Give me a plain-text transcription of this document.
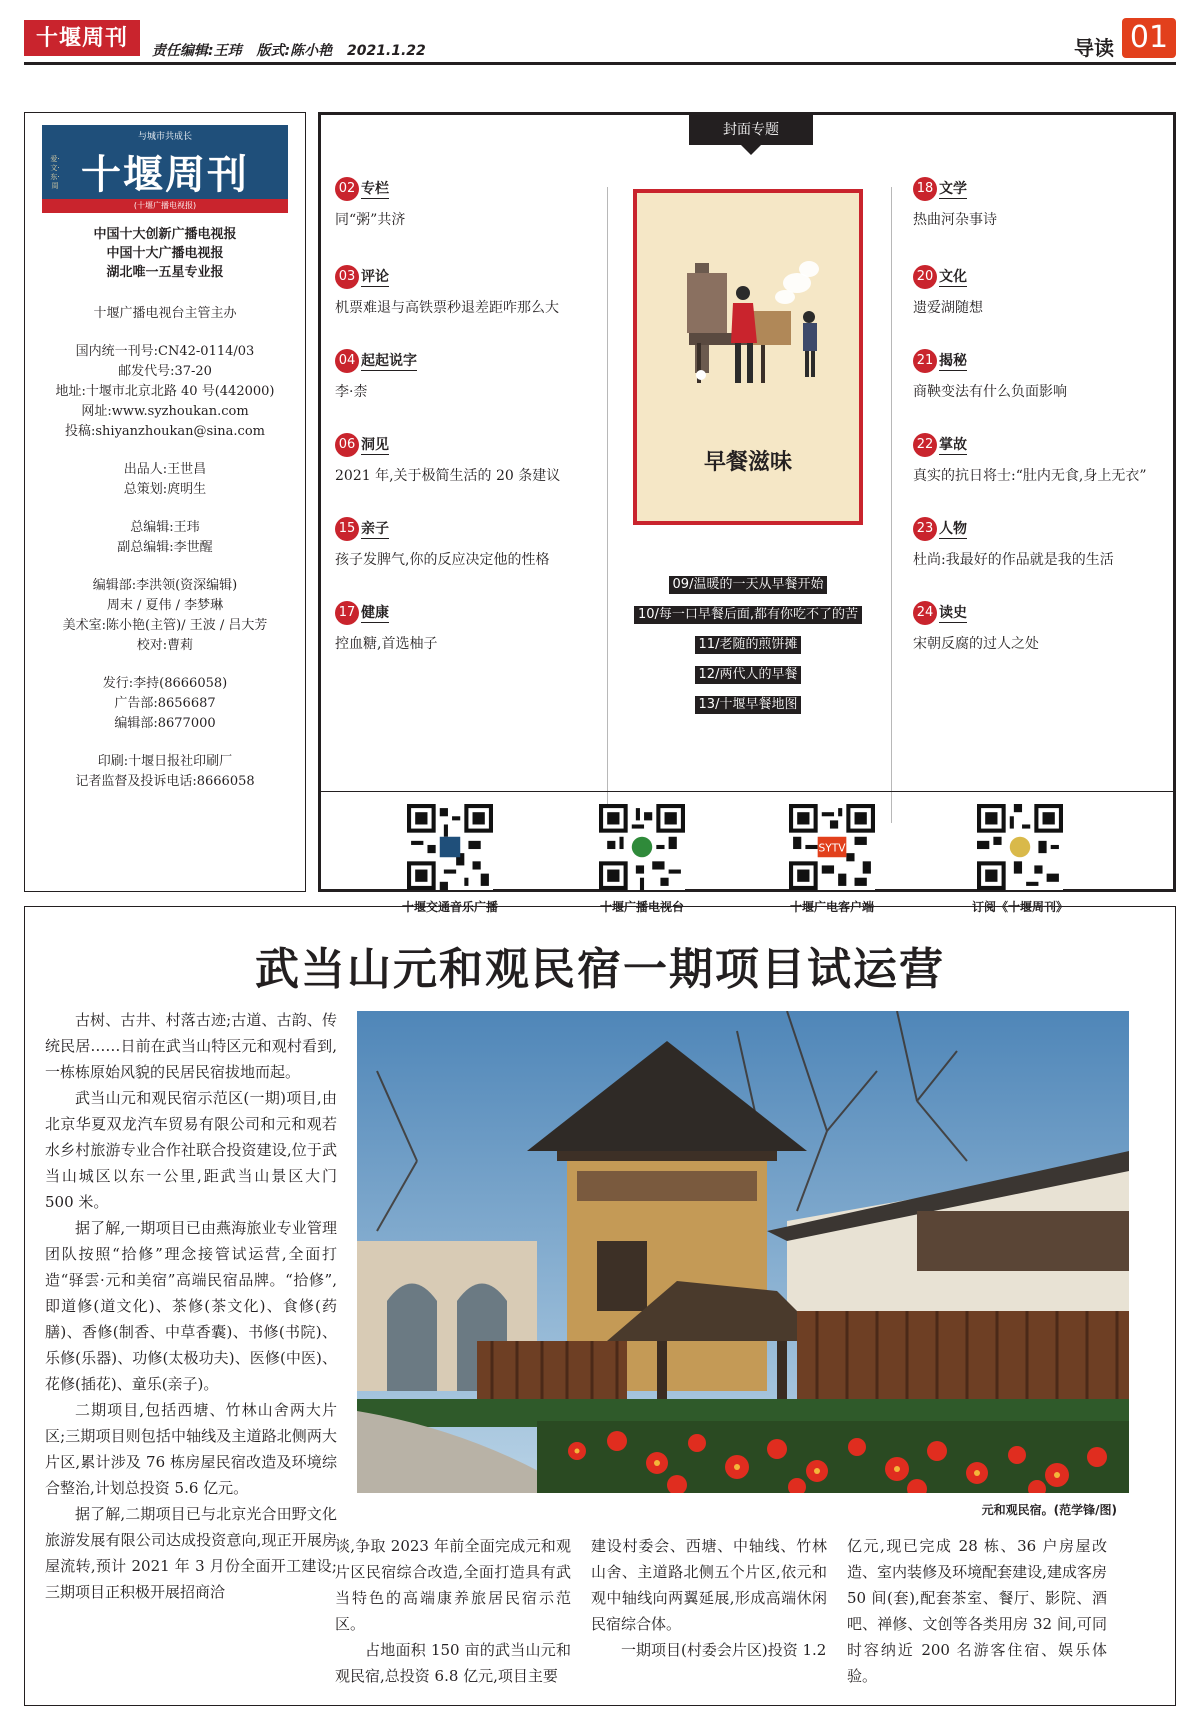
十堰周刊	责任编辑:王玮 版式:陈小艳 2021.1.22	导读 01
与城市共成长
爱·文·东·周 十堰周刊
(十堰广播电视报)
中国十大创新广播电视报
中国十大广播电视报
湖北唯一五星专业报
十堰广播电视台主管主办
国内统一刊号:CN42-0114/03
邮发代号:37-20
地址:十堰市北京北路 40 号(442000)
网址:www.syzhoukan.com
投稿:shiyanzhoukan@sina.com
出品人:王世昌
总策划:庹明生
总编辑:王玮
副总编辑:李世醒
编辑部:李洪领(资深编辑)
周末 / 夏伟 / 李梦琳
美术室:陈小艳(主管)/ 王波 / 吕大芳
校对:曹莉
发行:李持(8666058)
广告部:8656687
编辑部:8677000
印刷:十堰日报社印刷厂
记者监督及投诉电话:8666058
封面专题
02 专栏
同“粥”共济
03 评论
机票难退与高铁票秒退差距咋那么大
04 起起说字
李·柰
06 洞见
2021 年,关于极简生活的 20 条建议
15 亲子
孩子发脾气,你的反应决定他的性格
17 健康
控血糖,首选柚子
18 文学
热曲河杂事诗
20 文化
遗爱湖随想
21 揭秘
商鞅变法有什么负面影响
22 掌故
真实的抗日将士:“肚内无食,身上无衣”
23 人物
杜尚:我最好的作品就是我的生活
24 读史
宋朝反腐的过人之处
早餐滋味
09/温暖的一天从早餐开始
10/每一口早餐后面,都有你吃不了的苦
11/老随的煎饼摊
12/两代人的早餐
13/十堰早餐地图
十堰交通音乐广播	十堰广播电视台
SYTV
十堰广电客户端	订阅《十堰周刊》
武当山元和观民宿一期项目试运营
元和观民宿。(范学锋/图)

古树、古井、村落古迹;古道、古韵、传统民居……日前在武当山特区元和观村看到,一栋栋原始风貌的民居民宿拔地而起。

武当山元和观民宿示范区(一期)项目,由北京华夏双龙汽车贸易有限公司和元和观若水乡村旅游专业合作社联合投资建设,位于武当山城区以东一公里,距武当山景区大门 500 米。

据了解,一期项目已由燕海旅业专业管理团队按照“拾修”理念接管试运营,全面打造“驿雲·元和美宿”高端民宿品牌。“拾修”,即道修(道文化)、茶修(茶文化)、食修(药膳)、香修(制香、中草香囊)、书修(书院)、乐修(乐器)、功修(太极功夫)、医修(中医)、花修(插花)、童乐(亲子)。

二期项目,包括西塘、竹林山舍两大片区;三期项目则包括中轴线及主道路北侧两大片区,累计涉及 76 栋房屋民宿改造及环境综合整治,计划总投资 5.6 亿元。

据了解,二期项目已与北京光合田野文化旅游发展有限公司达成投资意向,现正开展房屋流转,预计 2021 年 3 月份全面开工建设;三期项目正积极开展招商洽

谈,争取 2023 年前全面完成元和观片区民宿综合改造,全面打造具有武当特色的高端康养旅居民宿示范区。

占地面积 150 亩的武当山元和观民宿,总投资 6.8 亿元,项目主要

建设村委会、西塘、中轴线、竹林山舍、主道路北侧五个片区,依元和观中轴线向两翼延展,形成高端休闲民宿综合体。

一期项目(村委会片区)投资 1.2

亿元,现已完成 28 栋、36 户房屋改造、室内装修及环境配套建设,建成客房 50 间(套),配套茶室、餐厅、影院、酒吧、禅修、文创等各类用房 32 间,可同时容纳近 200 名游客住宿、娱乐体验。
